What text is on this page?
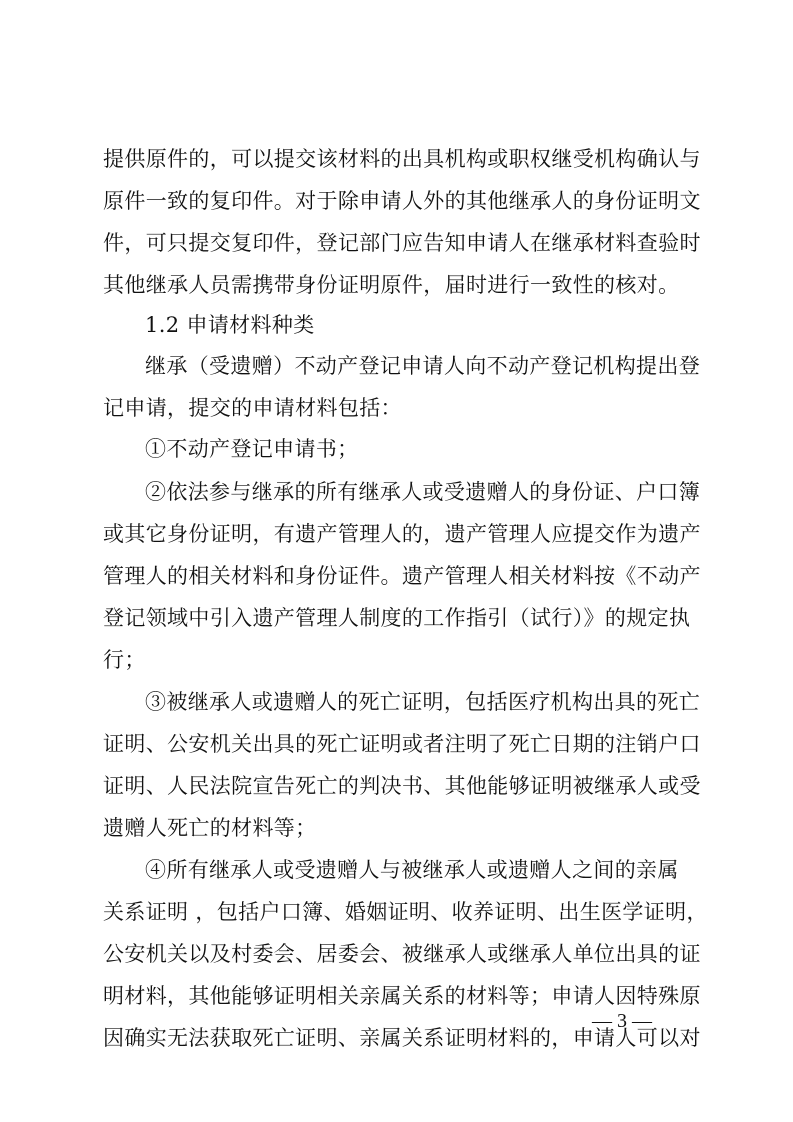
提供原件的，可以提交该材料的出具机构或职权继受机构确认与
原件一致的复印件。对于除申请人外的其他继承人的身份证明文
件，可只提交复印件，登记部门应告知申请人在继承材料查验时
其他继承人员需携带身份证明原件，届时进行一致性的核对。
1.2 申请材料种类
继承（受遗赠）不动产登记申请人向不动产登记机构提出登
记申请，提交的申请材料包括：
①不动产登记申请书；
②依法参与继承的所有继承人或受遗赠人的身份证、户口簿
或其它身份证明，有遗产管理人的，遗产管理人应提交作为遗产
管理人的相关材料和身份证件。遗产管理人相关材料按《不动产
登记领域中引入遗产管理人制度的工作指引（试行）》的规定执
行；
③被继承人或遗赠人的死亡证明，包括医疗机构出具的死亡
证明、公安机关出具的死亡证明或者注明了死亡日期的注销户口
证明、人民法院宣告死亡的判决书、其他能够证明被继承人或受
遗赠人死亡的材料等；
④所有继承人或受遗赠人与被继承人或遗赠人之间的亲属
关系证明 ，包括户口簿、婚姻证明、收养证明、出生医学证明，
公安机关以及村委会、居委会、被继承人或继承人单位出具的证
明材料，其他能够证明相关亲属关系的材料等；申请人因特殊原
因确实无法获取死亡证明、亲属关系证明材料的，申请人可以对
— 3 —
